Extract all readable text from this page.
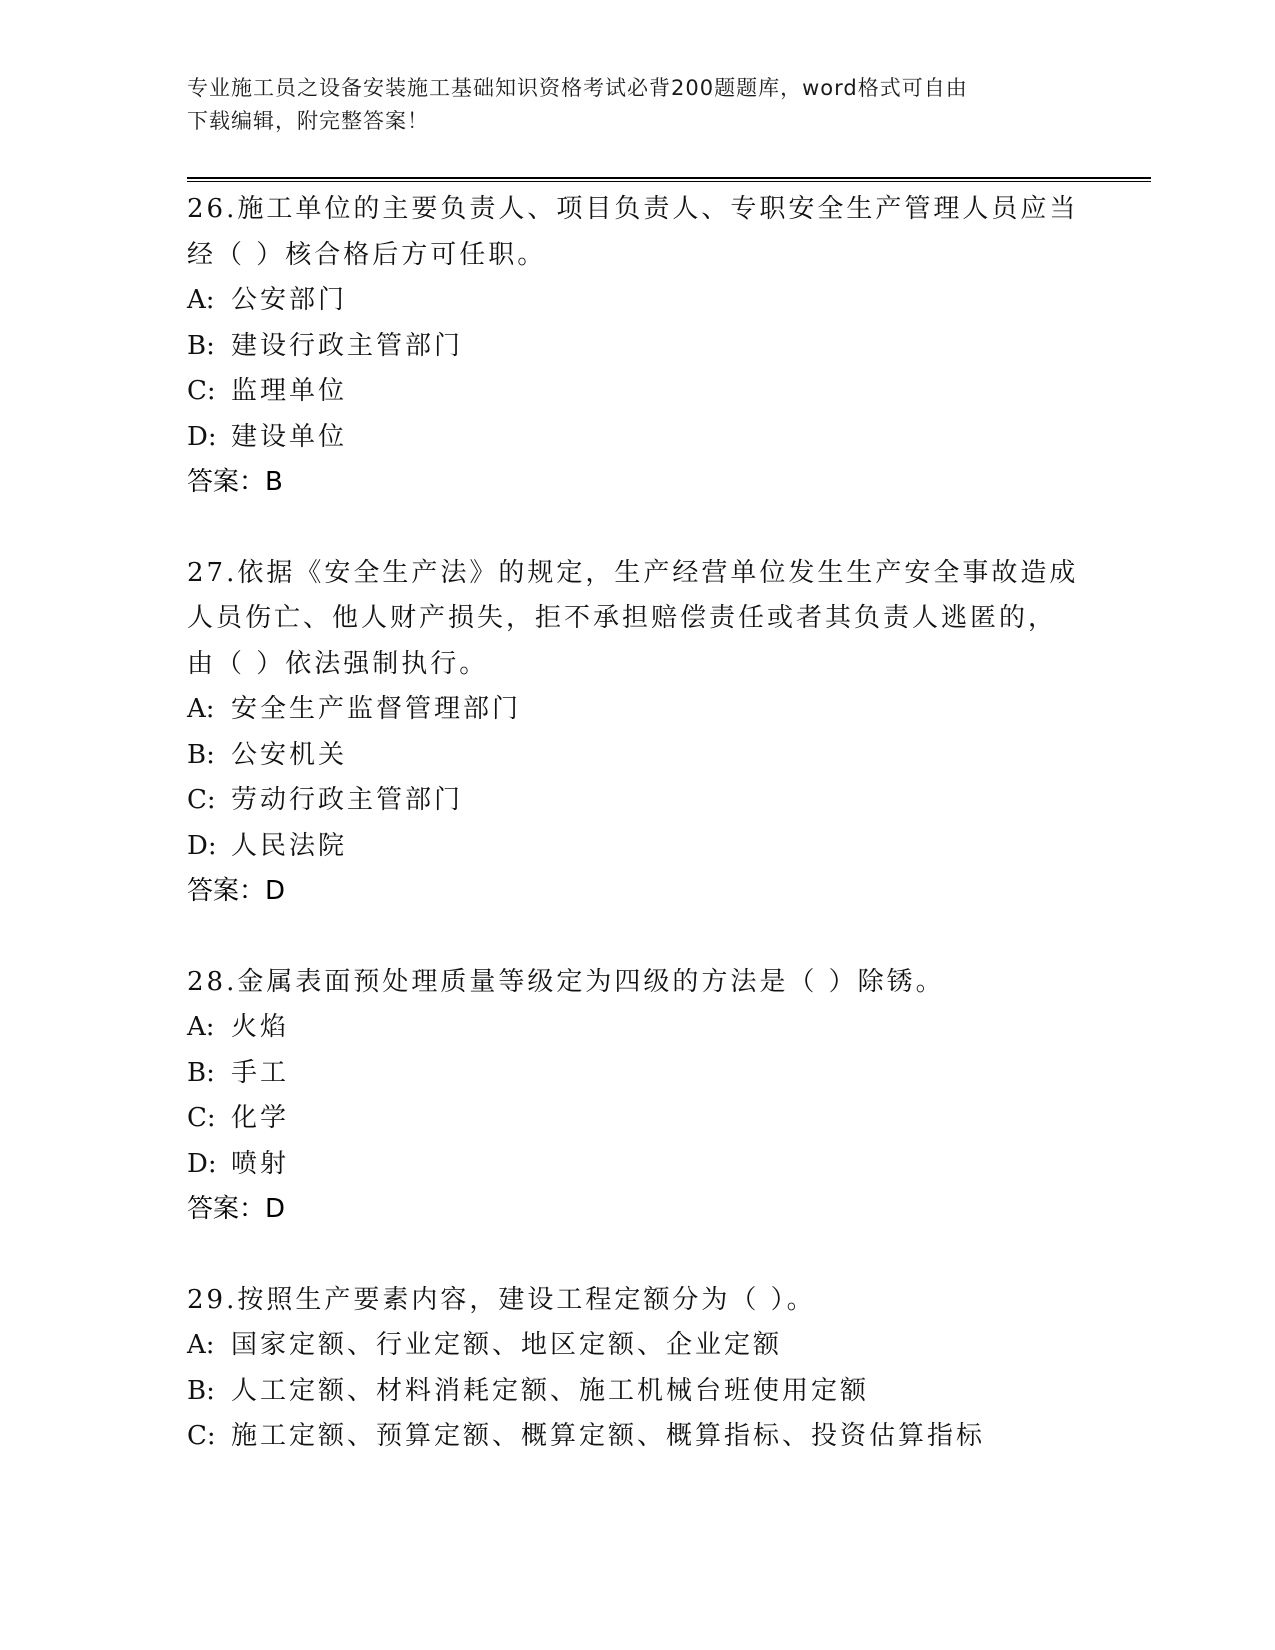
专业施工员之设备安装施工基础知识资格考试必背200题题库，word格式可自由
下载编辑，附完整答案！

26.施工单位的主要负责人、项目负责人、专职安全生产管理人员应当

经（ ）核合格后方可任职。

A: 公安部门

B: 建设行政主管部门

C: 监理单位

D: 建设单位

答案：B

27.依据《安全生产法》的规定，生产经营单位发生生产安全事故造成

人员伤亡、他人财产损失，拒不承担赔偿责任或者其负责人逃匿的，

由（ ）依法强制执行。

A: 安全生产监督管理部门

B: 公安机关

C: 劳动行政主管部门

D: 人民法院

答案：D

28.金属表面预处理质量等级定为四级的方法是（ ）除锈。

A: 火焰

B: 手工

C: 化学

D: 喷射

答案：D

29.按照生产要素内容，建设工程定额分为（ ）。

A: 国家定额、行业定额、地区定额、企业定额

B: 人工定额、材料消耗定额、施工机械台班使用定额

C: 施工定额、预算定额、概算定额、概算指标、投资估算指标
